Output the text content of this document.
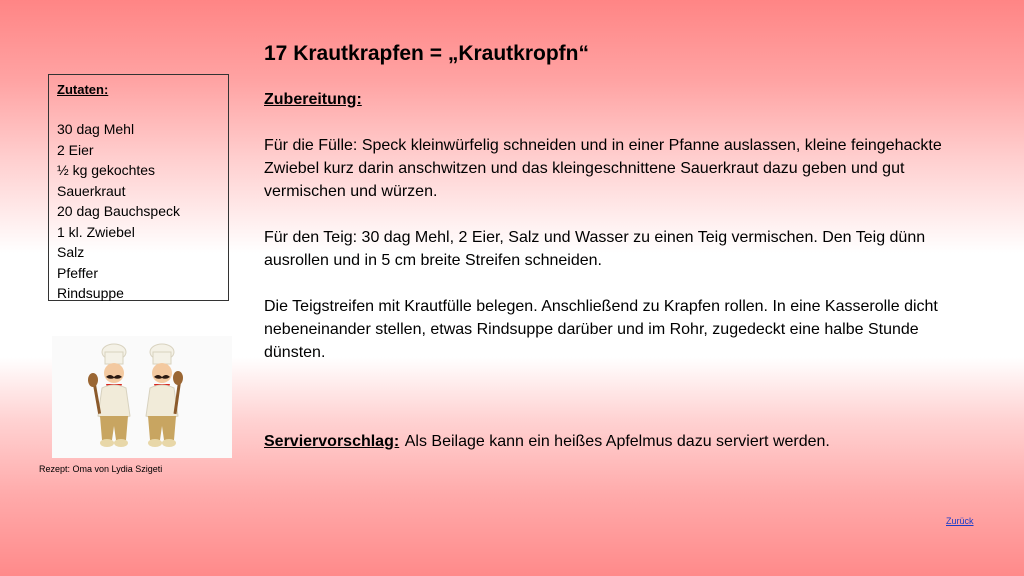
17 Krautkrapfen = „Krautkropfn“
Zutaten:
30 dag Mehl
2 Eier
½ kg gekochtes
Sauerkraut
20 dag Bauchspeck
1 kl. Zwiebel
Salz
Pfeffer
Rindsuppe
Rezept: Oma von Lydia Szigeti

Zubereitung:

Für die Fülle: Speck kleinwürfelig schneiden und in einer Pfanne auslassen, kleine feingehackte Zwiebel kurz darin anschwitzen und das kleingeschnittene Sauerkraut dazu geben und gut vermischen und würzen.

Für den Teig: 30 dag Mehl, 2 Eier, Salz und Wasser zu einen Teig vermischen. Den Teig dünn ausrollen und in 5 cm breite Streifen schneiden.

Die Teigstreifen mit Krautfülle belegen. Anschließend zu Krapfen rollen. In eine Kasserolle dicht nebeneinander stellen, etwas Rindsuppe darüber und im Rohr, zugedeckt eine halbe Stunde dünsten.

Serviervorschlag: Als Beilage kann ein heißes Apfelmus dazu serviert werden.
Zurück
